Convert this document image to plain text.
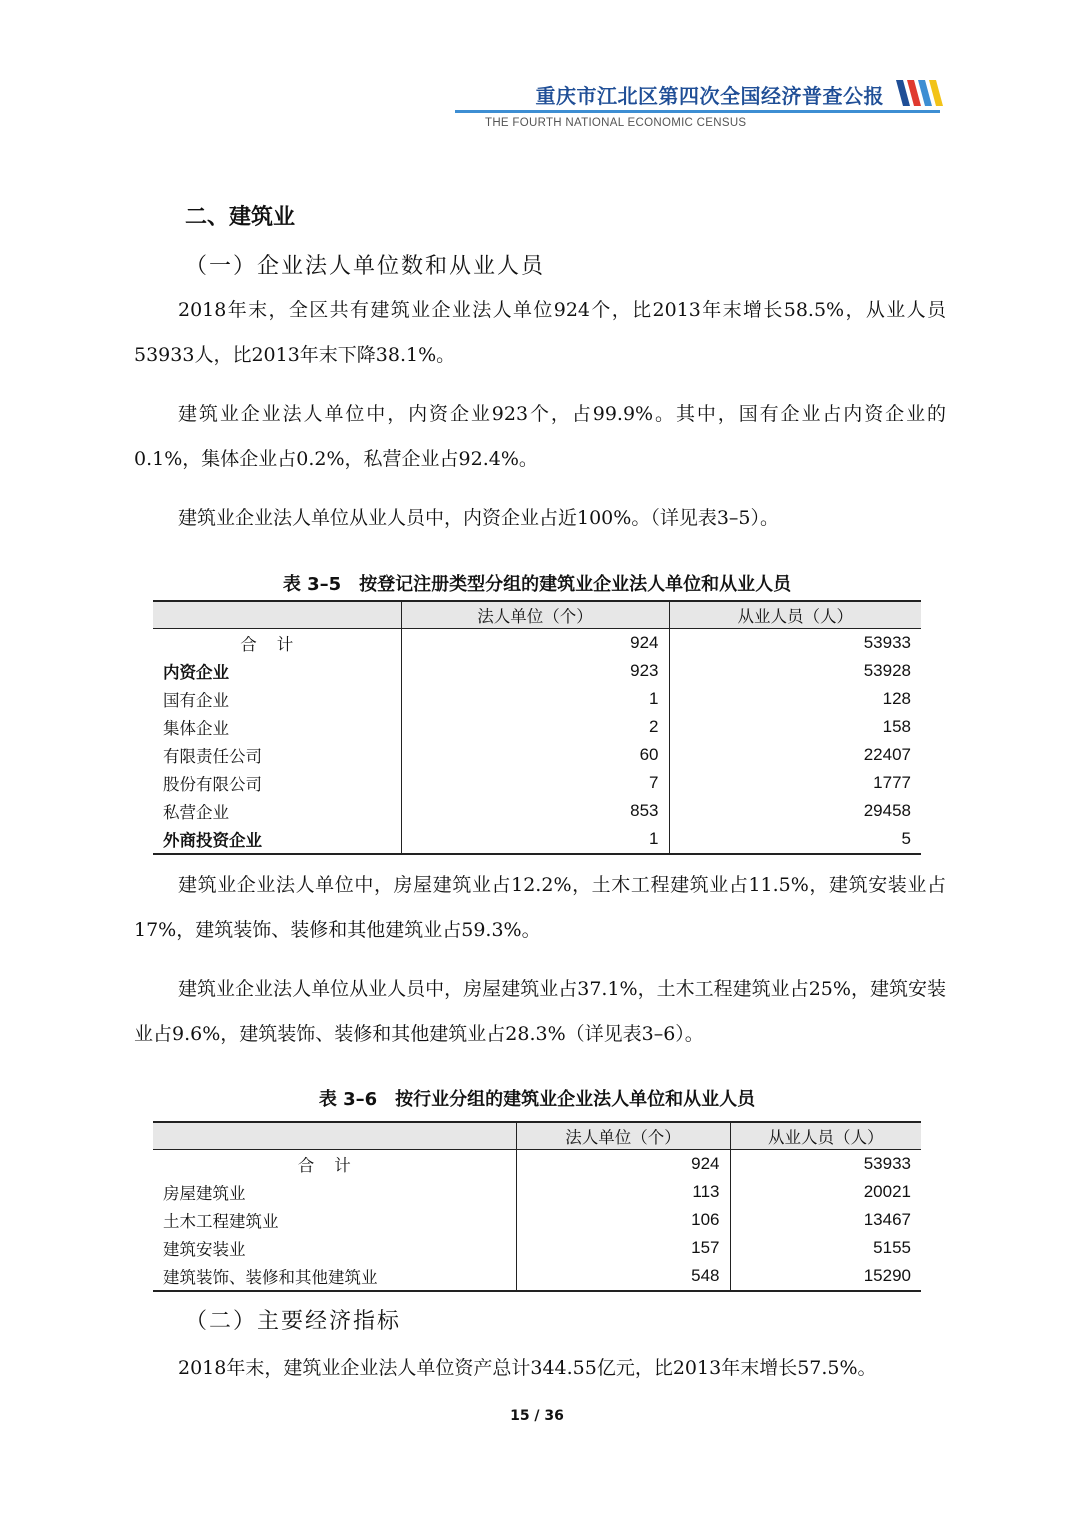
重庆市江北区第四次全国经济普查公报
THE FOURTH NATIONAL ECONOMIC CENSUS
二、建筑业
（一）企业法人单位数和从业人员

2018年末，全区共有建筑业企业法人单位924个，比2013年末增长58.5%，从业人员53933人，比2013年末下降38.1%。

建筑业企业法人单位中，内资企业923个，占99.9%。其中，国有企业占内资企业的0.1%，集体企业占0.2%，私营企业占92.4%。

建筑业企业法人单位从业人员中，内资企业占近100%。（详见表3–5）。

表 3–5　按登记注册类型分组的建筑业企业法人单位和从业人员
	法人单位（个）	从业人员（人）
合计	924	53933
内资企业	923	53928
国有企业	1	128
集体企业	2	158
有限责任公司	60	22407
股份有限公司	7	1777
私营企业	853	29458
外商投资企业	1	5

建筑业企业法人单位中，房屋建筑业占12.2%，土木工程建筑业占11.5%，建筑安装业占17%，建筑装饰、装修和其他建筑业占59.3%。

建筑业企业法人单位从业人员中，房屋建筑业占37.1%，土木工程建筑业占25%，建筑安装业占9.6%，建筑装饰、装修和其他建筑业占28.3%（详见表3–6）。

表 3–6　按行业分组的建筑业企业法人单位和从业人员
	法人单位（个）	从业人员（人）
合计	924	53933
房屋建筑业	113	20021
土木工程建筑业	106	13467
建筑安装业	157	5155
建筑装饰、装修和其他建筑业	548	15290
（二）主要经济指标

2018年末，建筑业企业法人单位资产总计344.55亿元，比2013年末增长57.5%。

15 / 36
